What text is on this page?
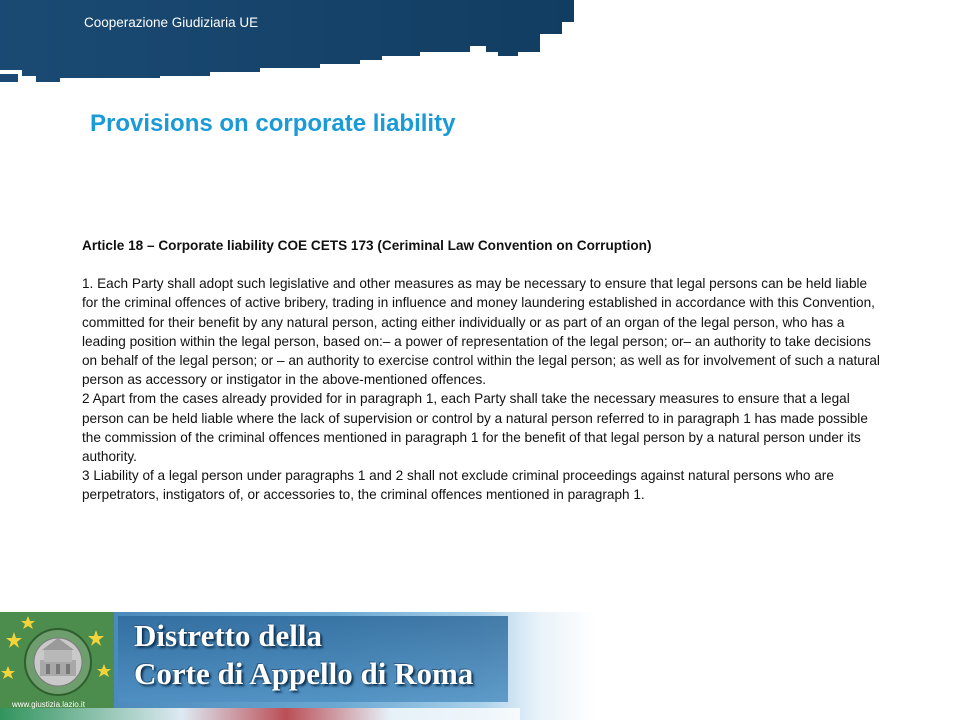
Cooperazione Giudiziaria UE
Provisions on corporate liability

Article 18 – Corporate liability COE CETS 173 (Ceriminal Law Convention on Corruption)

1. Each Party shall adopt such legislative and other measures as may be necessary to ensure that legal persons can be held liable for the criminal offences of active bribery, trading in influence and money laundering established in accordance with this Convention, committed for their benefit by any natural person, acting either individually or as part of an organ of the legal person, who has a leading position within the legal person, based on:– a power of representation of the legal person; or– an authority to take decisions on behalf of the legal person; or – an authority to exercise control within the legal person; as well as for involvement of such a natural person as accessory or instigator in the above-mentioned offences.

2 Apart from the cases already provided for in paragraph 1, each Party shall take the necessary measures to ensure that a legal person can be held liable where the lack of supervision or control by a natural person referred to in paragraph 1 has made possible the commission of the criminal offences mentioned in paragraph 1 for the benefit of that legal person by a natural person under its authority.

3 Liability of a legal person under paragraphs 1 and 2 shall not exclude criminal proceedings against natural persons who are perpetrators, instigators of, or accessories to, the criminal offences mentioned in paragraph 1.

Distretto della
Corte di Appello di Roma
www.giustizia.lazio.it
